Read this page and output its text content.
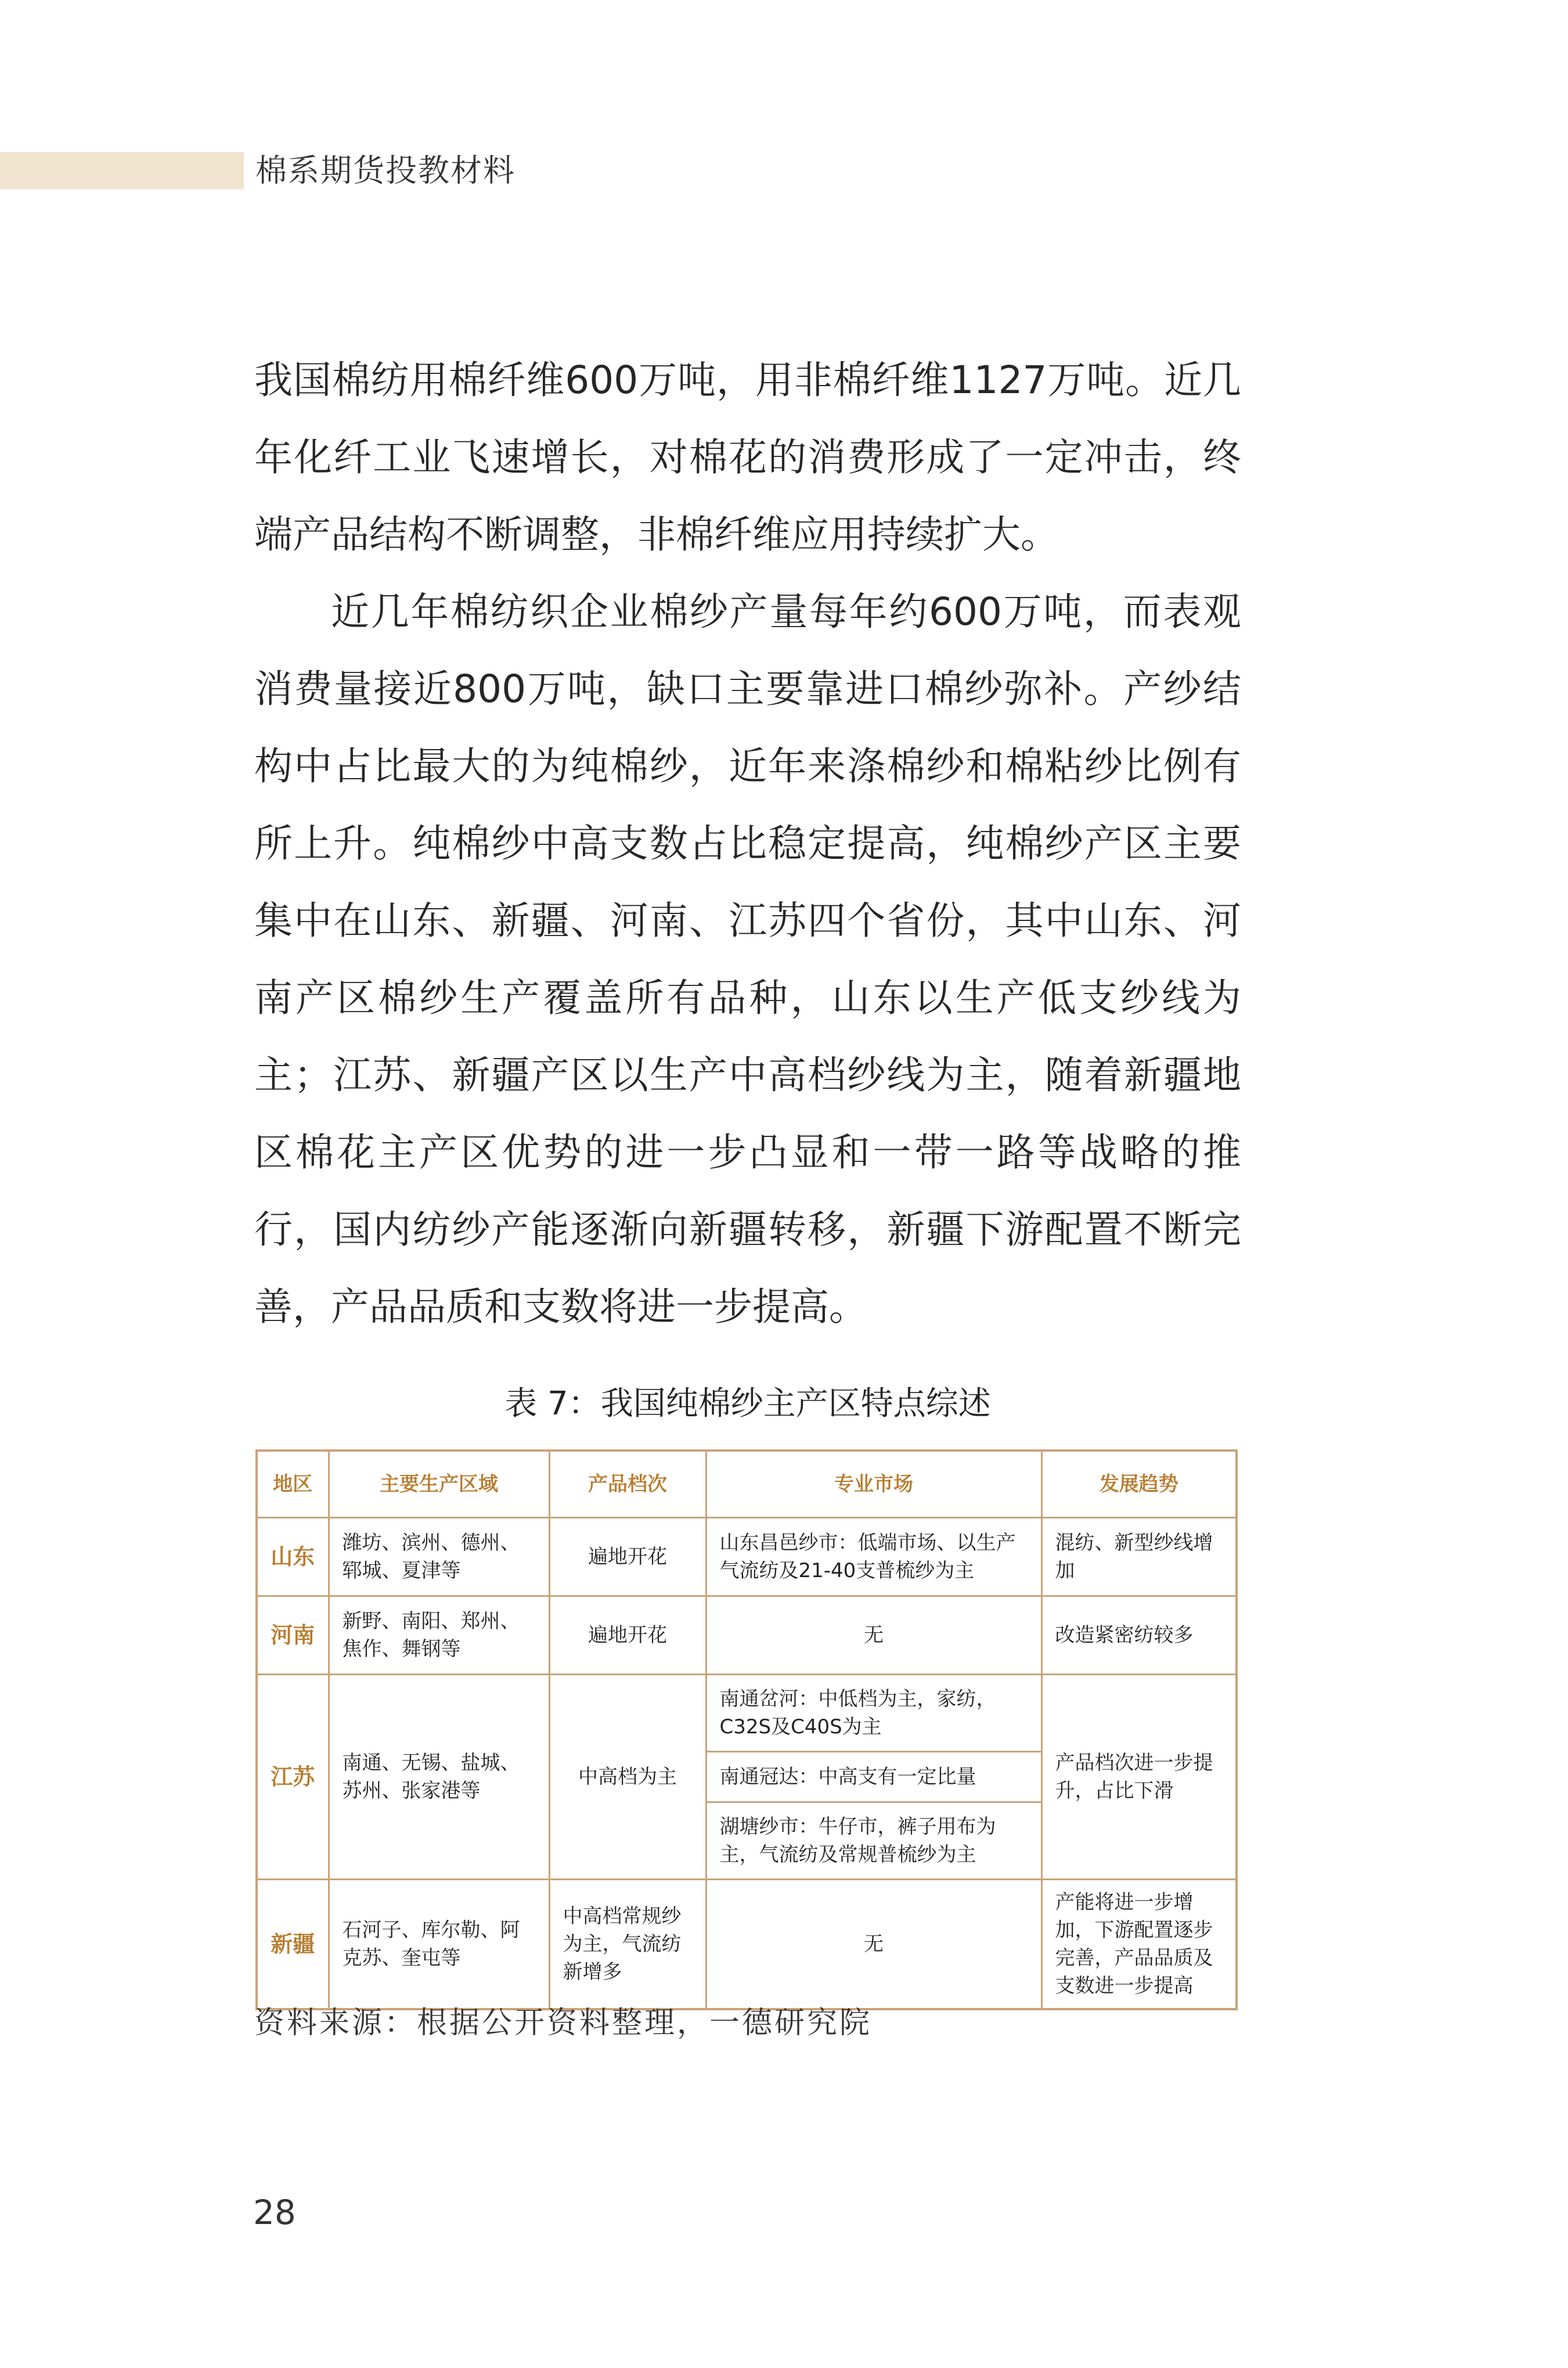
棉系期货投教材料

我国棉纺用棉纤维600万吨，用非棉纤维1127万吨。近几年化纤工业飞速增长，对棉花的消费形成了一定冲击，终端产品结构不断调整，非棉纤维应用持续扩大。

近几年棉纺织企业棉纱产量每年约600万吨，而表观消费量接近800万吨，缺口主要靠进口棉纱弥补。产纱结构中占比最大的为纯棉纱，近年来涤棉纱和棉粘纱比例有所上升。纯棉纱中高支数占比稳定提高，纯棉纱产区主要集中在山东、新疆、河南、江苏四个省份，其中山东、河南产区棉纱生产覆盖所有品种，山东以生产低支纱线为主；江苏、新疆产区以生产中高档纱线为主，随着新疆地区棉花主产区优势的进一步凸显和一带一路等战略的推行，国内纺纱产能逐渐向新疆转移，新疆下游配置不断完善，产品品质和支数将进一步提高。

表 7：我国纯棉纱主产区特点综述
地区	主要生产区域	产品档次	专业市场	发展趋势
山东	潍坊、滨州、德州、郓城、夏津等	遍地开花	山东昌邑纱市：低端市场、以生产气流纺及21-40支普梳纱为主	混纺、新型纱线增加
河南	新野、南阳、郑州、焦作、舞钢等	遍地开花	无	改造紧密纺较多
江苏	南通、无锡、盐城、苏州、张家港等	中高档为主	南通岔河：中低档为主，家纺，C32S及C40S为主	产品档次进一步提升，占比下滑
			南通冠达：中高支有一定比量	
			湖塘纱市：牛仔市，裤子用布为主，气流纺及常规普梳纱为主	
新疆	石河子、库尔勒、阿克苏、奎屯等	中高档常规纱为主，气流纺新增多	无	产能将进一步增加，下游配置逐步完善，产品品质及支数进一步提高
资料来源：根据公开资料整理，一德研究院
28
